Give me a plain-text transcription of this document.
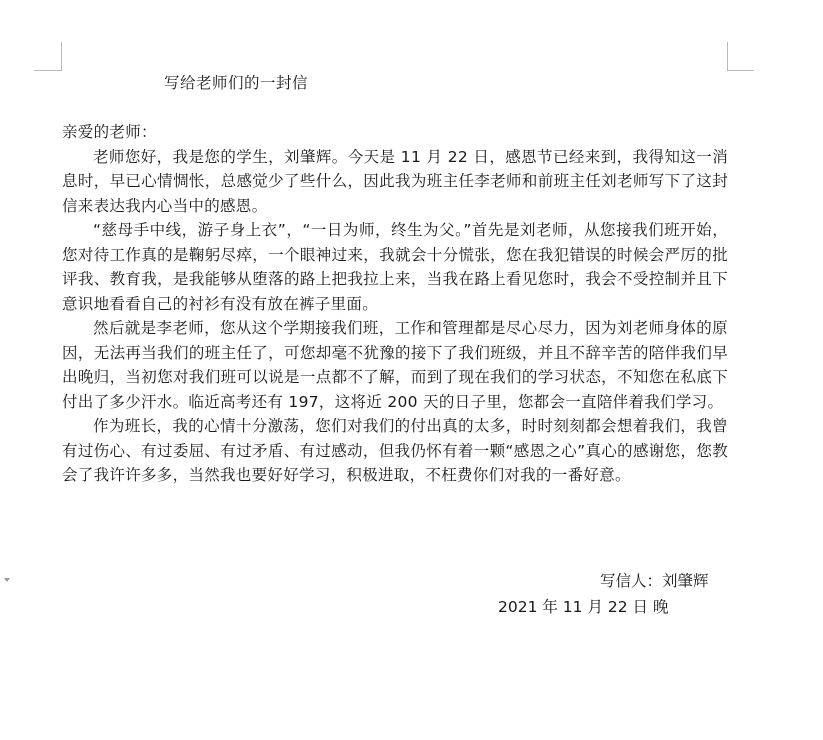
写给老师们的一封信

亲爱的老师：

老师您好，我是您的学生，刘肇辉。今天是 11 月 22 日，感恩节已经来到，我得知这一消息时，早已心情惆怅，总感觉少了些什么，因此我为班主任李老师和前班主任刘老师写下了这封信来表达我内心当中的感恩。

“慈母手中线，游子身上衣”，“一日为师，终生为父。”首先是刘老师，从您接我们班开始，您对待工作真的是鞠躬尽瘁，一个眼神过来，我就会十分慌张，您在我犯错误的时候会严厉的批评我、教育我，是我能够从堕落的路上把我拉上来，当我在路上看见您时，我会不受控制并且下意识地看看自己的衬衫有没有放在裤子里面。

然后就是李老师，您从这个学期接我们班，工作和管理都是尽心尽力，因为刘老师身体的原因，无法再当我们的班主任了，可您却毫不犹豫的接下了我们班级，并且不辞辛苦的陪伴我们早出晚归，当初您对我们班可以说是一点都不了解，而到了现在我们的学习状态，不知您在私底下付出了多少汗水。临近高考还有 197，这将近 200 天的日子里，您都会一直陪伴着我们学习。

作为班长，我的心情十分激荡，您们对我们的付出真的太多，时时刻刻都会想着我们，我曾有过伤心、有过委屈、有过矛盾、有过感动，但我仍怀有着一颗“感恩之心”真心的感谢您，您教会了我许许多多，当然我也要好好学习，积极进取，不枉费你们对我的一番好意。

写信人：刘肇辉
2021 年 11 月 22 日 晚
